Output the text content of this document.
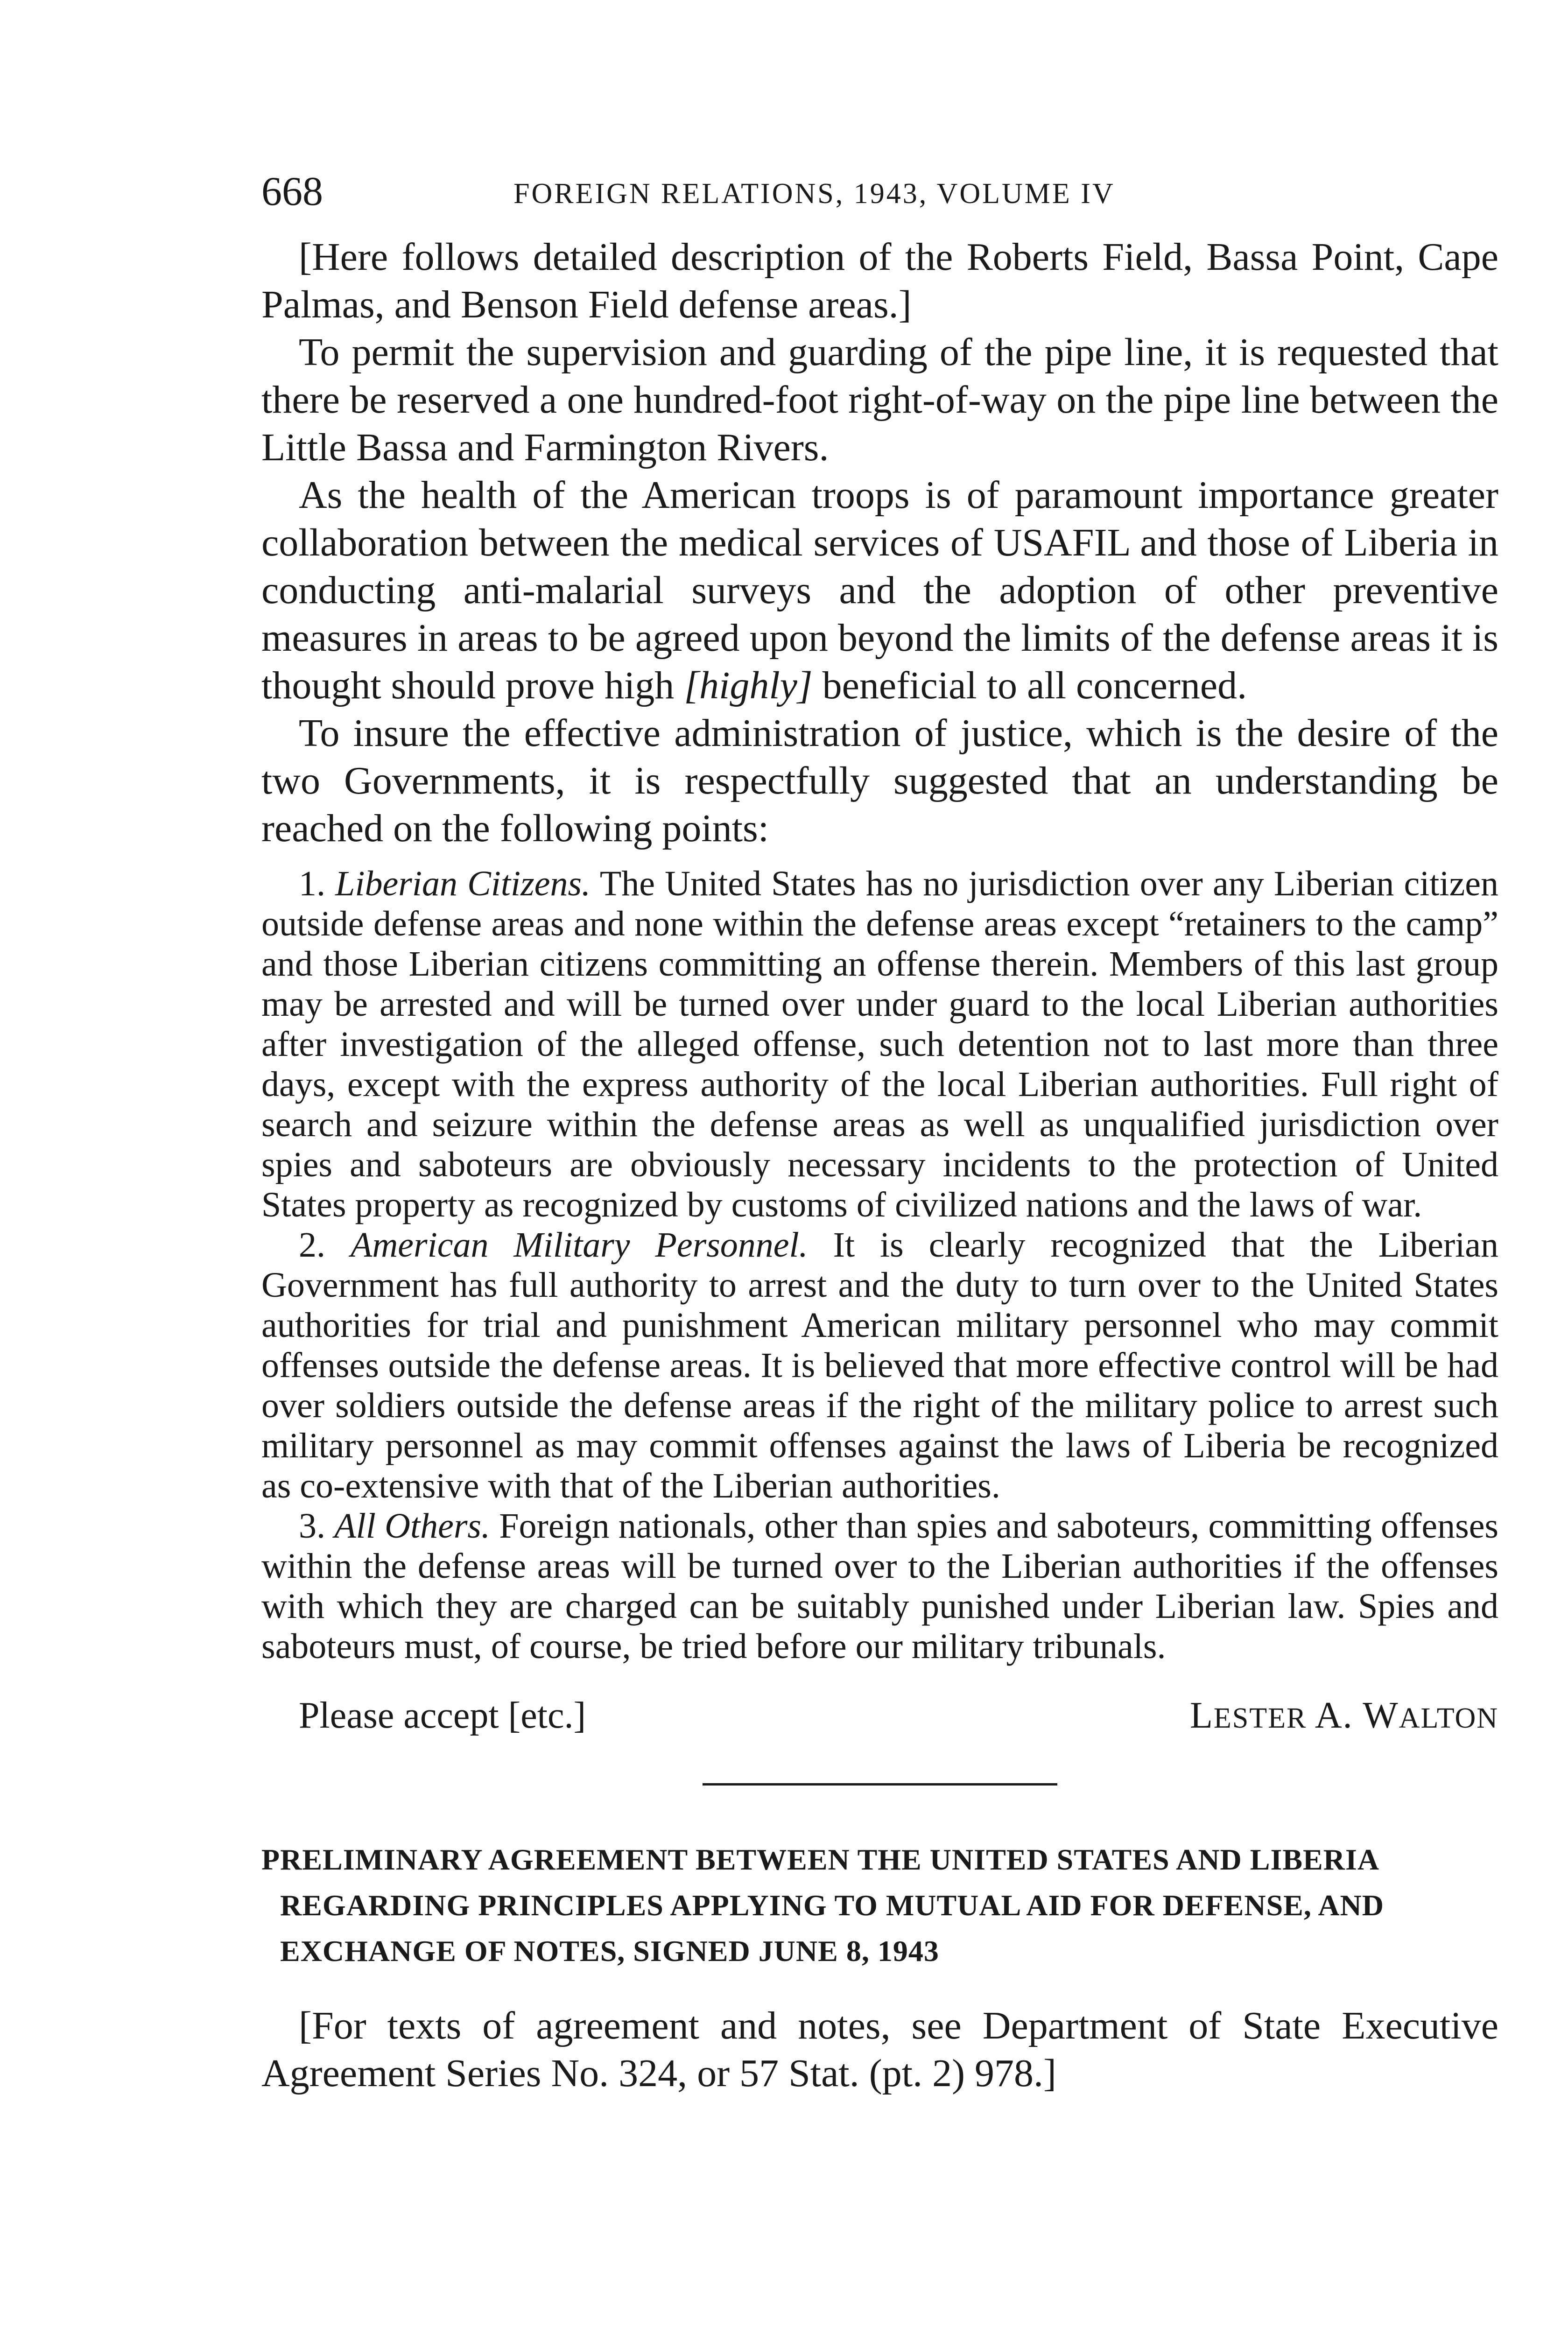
668	FOREIGN RELATIONS, 1943, VOLUME IV

[Here follows detailed description of the Roberts Field, Bassa Point, Cape Palmas, and Benson Field defense areas.]

To permit the supervision and guarding of the pipe line, it is requested that there be reserved a one hundred-foot right-of-way on the pipe line between the Little Bassa and Farmington Rivers.

As the health of the American troops is of paramount importance greater collaboration between the medical services of USAFIL and those of Liberia in conducting anti-malarial surveys and the adoption of other preventive measures in areas to be agreed upon beyond the limits of the defense areas it is thought should prove high [highly] beneficial to all concerned.

To insure the effective administration of justice, which is the desire of the two Governments, it is respectfully suggested that an understanding be reached on the following points:

1. Liberian Citizens. The United States has no jurisdiction over any Liberian citizen outside defense areas and none within the defense areas except “retainers to the camp” and those Liberian citizens committing an offense therein. Members of this last group may be arrested and will be turned over under guard to the local Liberian authorities after investigation of the alleged offense, such detention not to last more than three days, except with the express authority of the local Liberian authorities. Full right of search and seizure within the defense areas as well as unqualified jurisdiction over spies and saboteurs are obviously necessary incidents to the protection of United States property as recognized by customs of civilized nations and the laws of war.

2. American Military Personnel. It is clearly recognized that the Liberian Government has full authority to arrest and the duty to turn over to the United States authorities for trial and punishment American military personnel who may commit offenses outside the defense areas. It is believed that more effective control will be had over soldiers outside the defense areas if the right of the military police to arrest such military personnel as may commit offenses against the laws of Liberia be recognized as co-extensive with that of the Liberian authorities.

3. All Others. Foreign nationals, other than spies and saboteurs, committing offenses within the defense areas will be turned over to the Liberian authorities if the offenses with which they are charged can be suitably punished under Liberian law. Spies and saboteurs must, of course, be tried before our military tribunals.

Please accept [etc.]	LESTER A. WALTON

PRELIMINARY AGREEMENT BETWEEN THE UNITED STATES AND LIBERIA REGARDING PRINCIPLES APPLYING TO MUTUAL AID FOR DEFENSE, AND EXCHANGE OF NOTES, SIGNED JUNE 8, 1943

[For texts of agreement and notes, see Department of State Executive Agreement Series No. 324, or 57 Stat. (pt. 2) 978.]
